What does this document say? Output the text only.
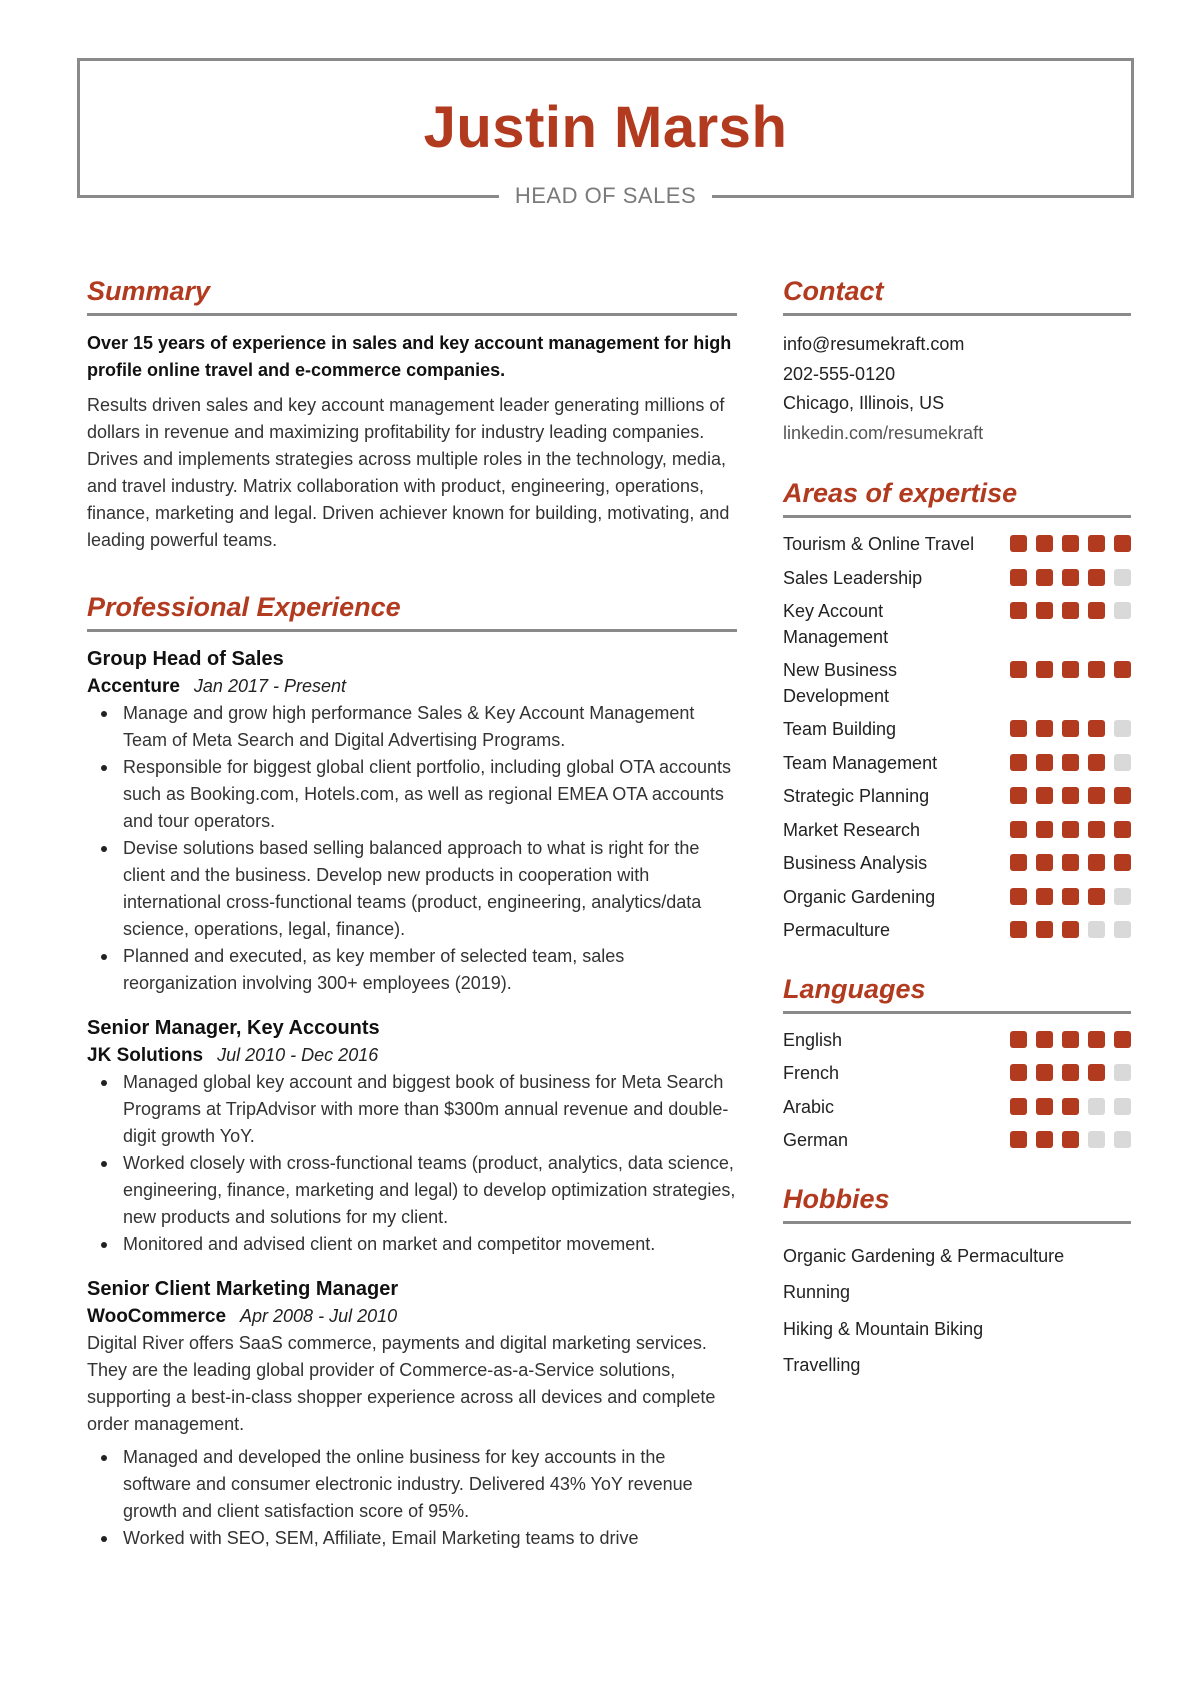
Justin Marsh
HEAD OF SALES
Summary
Over 15 years of experience in sales and key account management for high profile online travel and e-commerce companies.
Results driven sales and key account management leader generating millions of dollars in revenue and maximizing profitability for industry leading companies. Drives and implements strategies across multiple roles in the technology, media, and travel industry. Matrix collaboration with product, engineering, operations, finance, marketing and legal. Driven achiever known for building, motivating, and leading powerful teams.
Professional Experience
Group Head of Sales
Accenture Jan 2017 - Present
Manage and grow high performance Sales & Key Account Management Team of Meta Search and Digital Advertising Programs.
Responsible for biggest global client portfolio, including global OTA accounts such as Booking.com, Hotels.com, as well as regional EMEA OTA accounts and tour operators.
Devise solutions based selling balanced approach to what is right for the client and the business. Develop new products in cooperation with international cross-functional teams (product, engineering, analytics/data science, operations, legal, finance).
Planned and executed, as key member of selected team, sales reorganization involving 300+ employees (2019).
Senior Manager, Key Accounts
JK Solutions Jul 2010 - Dec 2016
Managed global key account and biggest book of business for Meta Search Programs at TripAdvisor with more than $300m annual revenue and double-digit growth YoY.
Worked closely with cross-functional teams (product, analytics, data science, engineering, finance, marketing and legal) to develop optimization strategies, new products and solutions for my client.
Monitored and advised client on market and competitor movement.
Senior Client Marketing Manager
WooCommerce Apr 2008 - Jul 2010
Digital River offers SaaS commerce, payments and digital marketing services. They are the leading global provider of Commerce-as-a-Service solutions, supporting a best-in-class shopper experience across all devices and complete order management.
Managed and developed the online business for key accounts in the software and consumer electronic industry. Delivered 43% YoY revenue growth and client satisfaction score of 95%.
Worked with SEO, SEM, Affiliate, Email Marketing teams to drive
Contact
info@resumekraft.com
202-555-0120
Chicago, Illinois, US
linkedin.com/resumekraft
Areas of expertise
Tourism & Online Travel
Sales Leadership
Key Account Management
New Business Development
Team Building
Team Management
Strategic Planning
Market Research
Business Analysis
Organic Gardening
Permaculture
Languages
English
French
Arabic
German
Hobbies
Organic Gardening & Permaculture
Running
Hiking & Mountain Biking
Travelling
